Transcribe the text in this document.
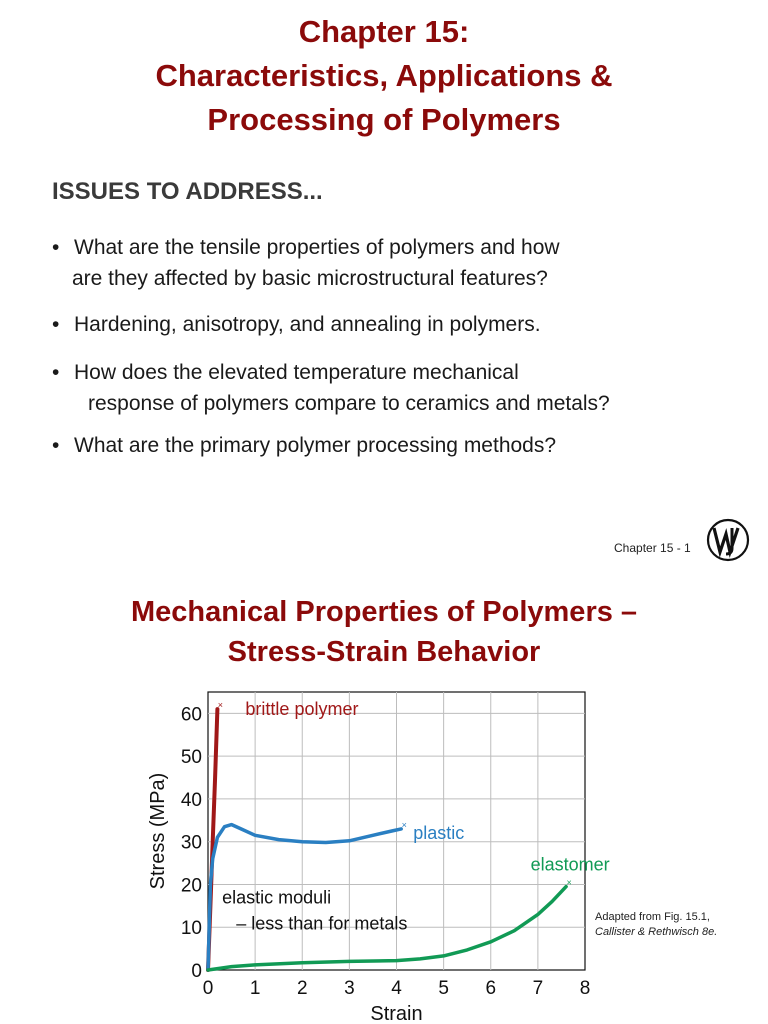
Chapter 15:
Characteristics, Applications &
Processing of Polymers
ISSUES TO ADDRESS...
• What are the tensile properties of polymers and how
are they affected by basic microstructural features?
• Hardening, anisotropy, and annealing in polymers.
• How does the elevated temperature mechanical
response of polymers compare to ceramics and metals?
• What are the primary polymer processing methods?
Chapter 15 - 1
Mechanical Properties of Polymers –
Stress-Strain Behavior
0 1 2 3 4 5 6 7 8
0
10
20
30
40
50
60 ×
×
×
brittle polymer
plastic
elastomer
Strain
Stress (MPa)
elastic moduli
– less than for metals	Adapted from Fig. 15.1,
Callister & Rethwisch 8e.
